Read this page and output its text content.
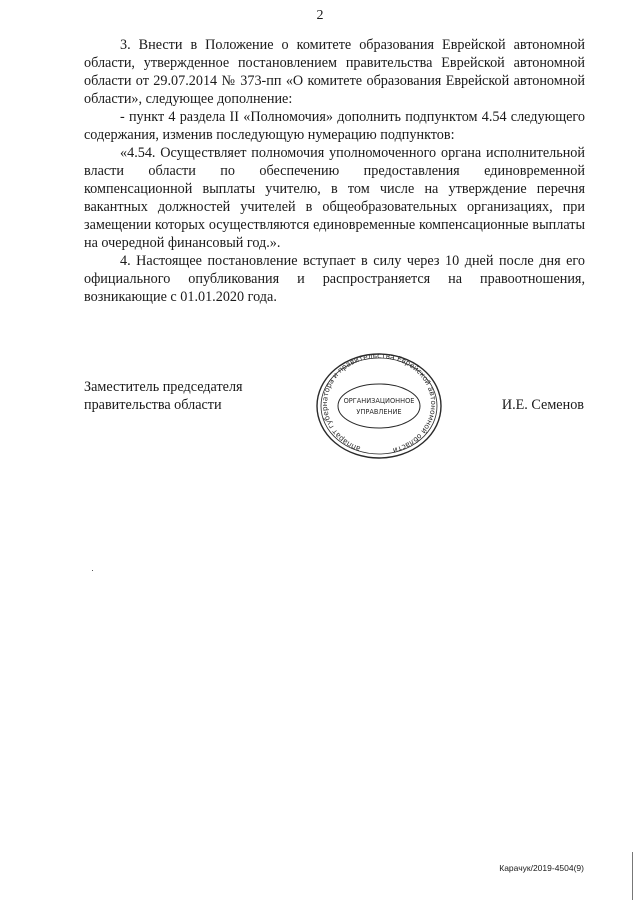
2

3. Внести в Положение о комитете образования Еврейской автономной области, утвержденное постановлением правительства Еврейской автономной области от 29.07.2014 № 373-пп «О комитете образования Еврейской автономной области», следующее дополнение:

- пункт 4 раздела II «Полномочия» дополнить подпунктом 4.54 следующего содержания, изменив последующую нумерацию подпунктов:

«4.54. Осуществляет полномочия уполномоченного органа исполнительной власти области по обеспечению предоставления единовременной компенсационной выплаты учителю, в том числе на утверждение перечня вакантных должностей учителей в общеобразовательных организациях, при замещении которых осуществляются единовременные компенсационные выплаты на очередной финансовый год.».

4. Настоящее постановление вступает в силу через 10 дней после дня его официального опубликования и распространяется на правоотношения, возникающие с 01.01.2020 года.

Заместитель председателя
правительства области
аппарат губернатора и правительства Еврейской автономной области
ОРГАНИЗАЦИОННОЕ
УПРАВЛЕНИЕ	И.Е. Семенов
Карачук/2019-4504(9)
